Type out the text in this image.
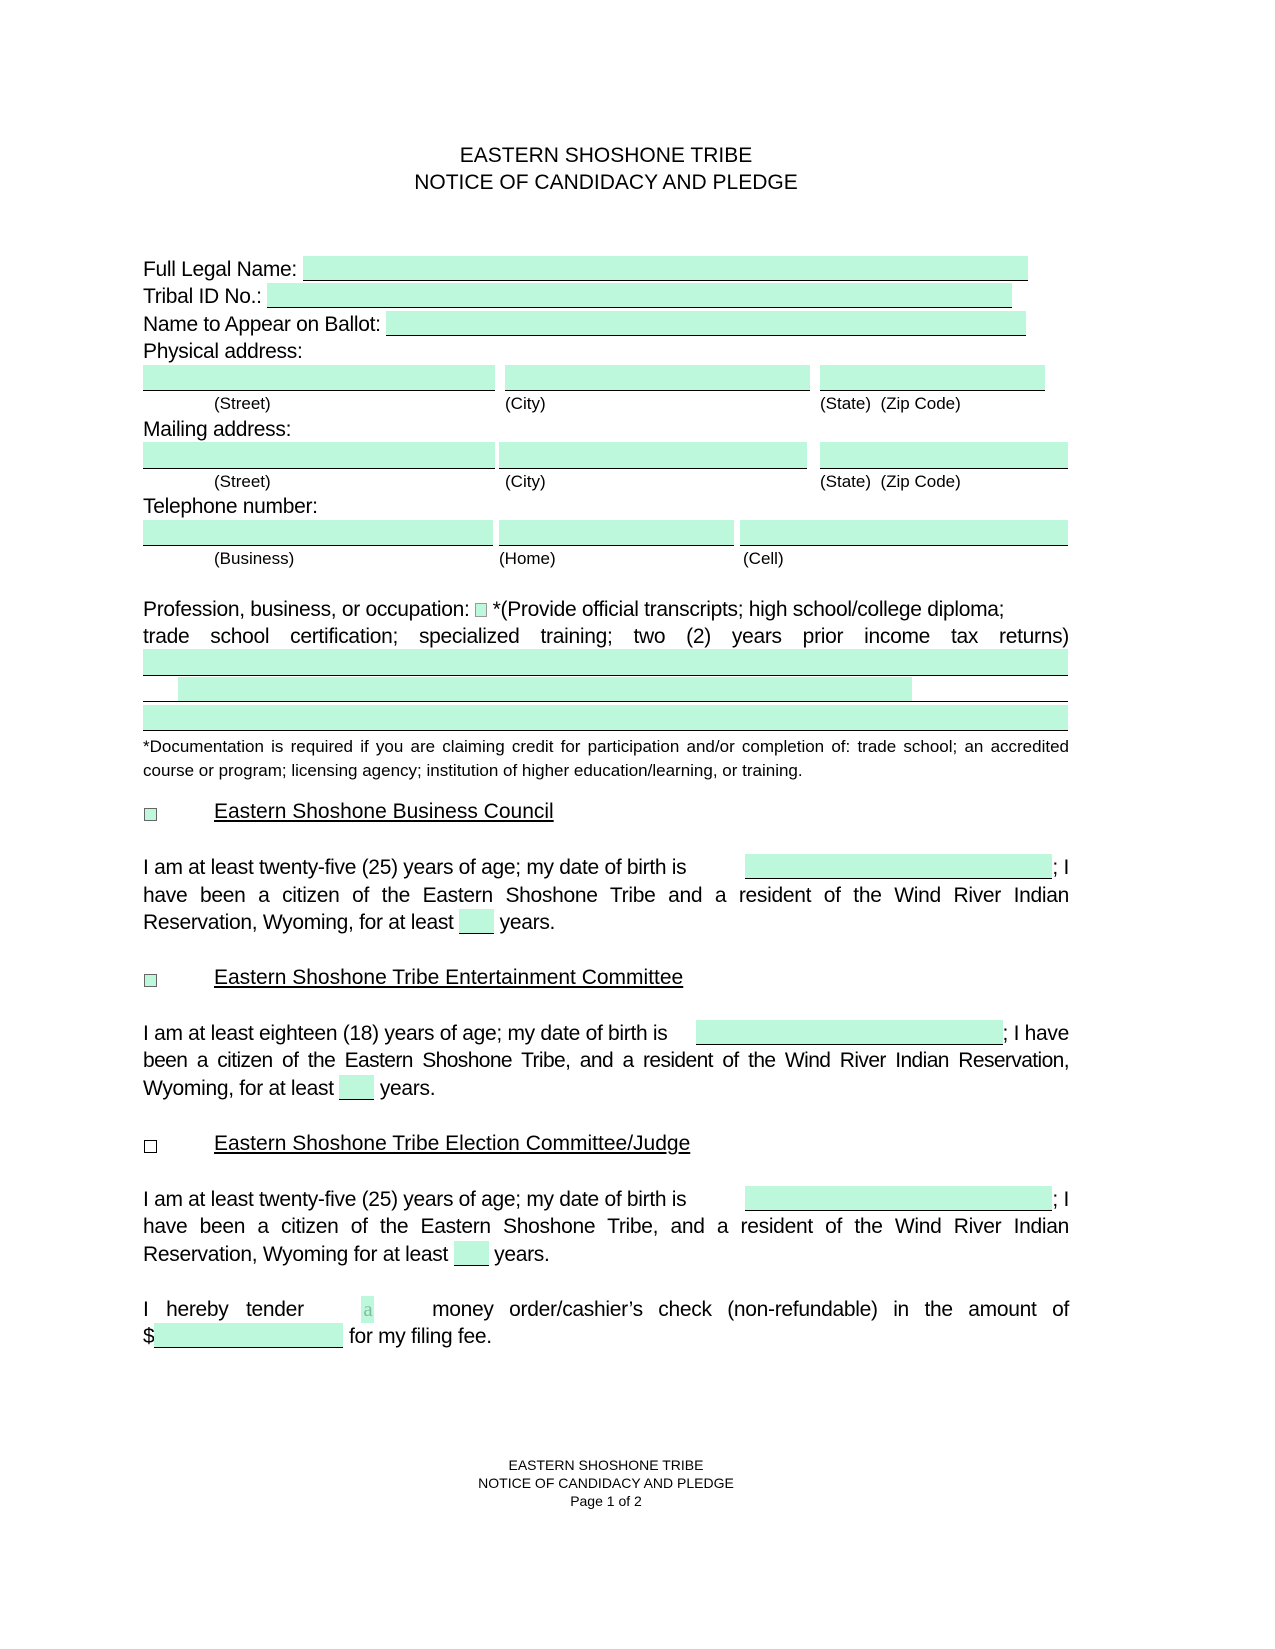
EASTERN SHOSHONE TRIBE
NOTICE OF CANDIDACY AND PLEDGE
Full Legal Name:
Tribal ID No.:
Name to Appear on Ballot:
Physical address:
(Street)	(City)	(State)  (Zip Code)
Mailing address:
(Street)	(City)	(State)  (Zip Code)
Telephone number:
(Business)	(Home)	(Cell)
Profession, business, or occupation: *(Provide official transcripts; high school/college diploma;
trade school certification; specialized training; two (2) years prior income tax returns)
*Documentation is required if you are claiming credit for participation and/or completion of: trade school; an accredited course or program; licensing agency; institution of higher education/learning, or training.
Eastern Shoshone Business Council
I am at least twenty-five (25) years of age; my date of birth is	; I
have been a citizen of the Eastern Shoshone Tribe and a resident of the Wind River Indian
Reservation, Wyoming, for at least years.
Eastern Shoshone Tribe Entertainment Committee
I am at least eighteen (18) years of age; my date of birth is	; I have
been a citizen of the Eastern Shoshone Tribe, and a resident of the Wind River Indian Reservation,
Wyoming, for at least years.
Eastern Shoshone Tribe Election Committee/Judge
I am at least twenty-five (25) years of age; my date of birth is	; I
have been a citizen of the Eastern Shoshone Tribe, and a resident of the Wind River Indian
Reservation, Wyoming for at least years.
I hereby tender	a	money order/cashier’s check (non-refundable) in the amount of
$	for my filing fee.
EASTERN SHOSHONE TRIBE
NOTICE OF CANDIDACY AND PLEDGE
Page 1 of 2
